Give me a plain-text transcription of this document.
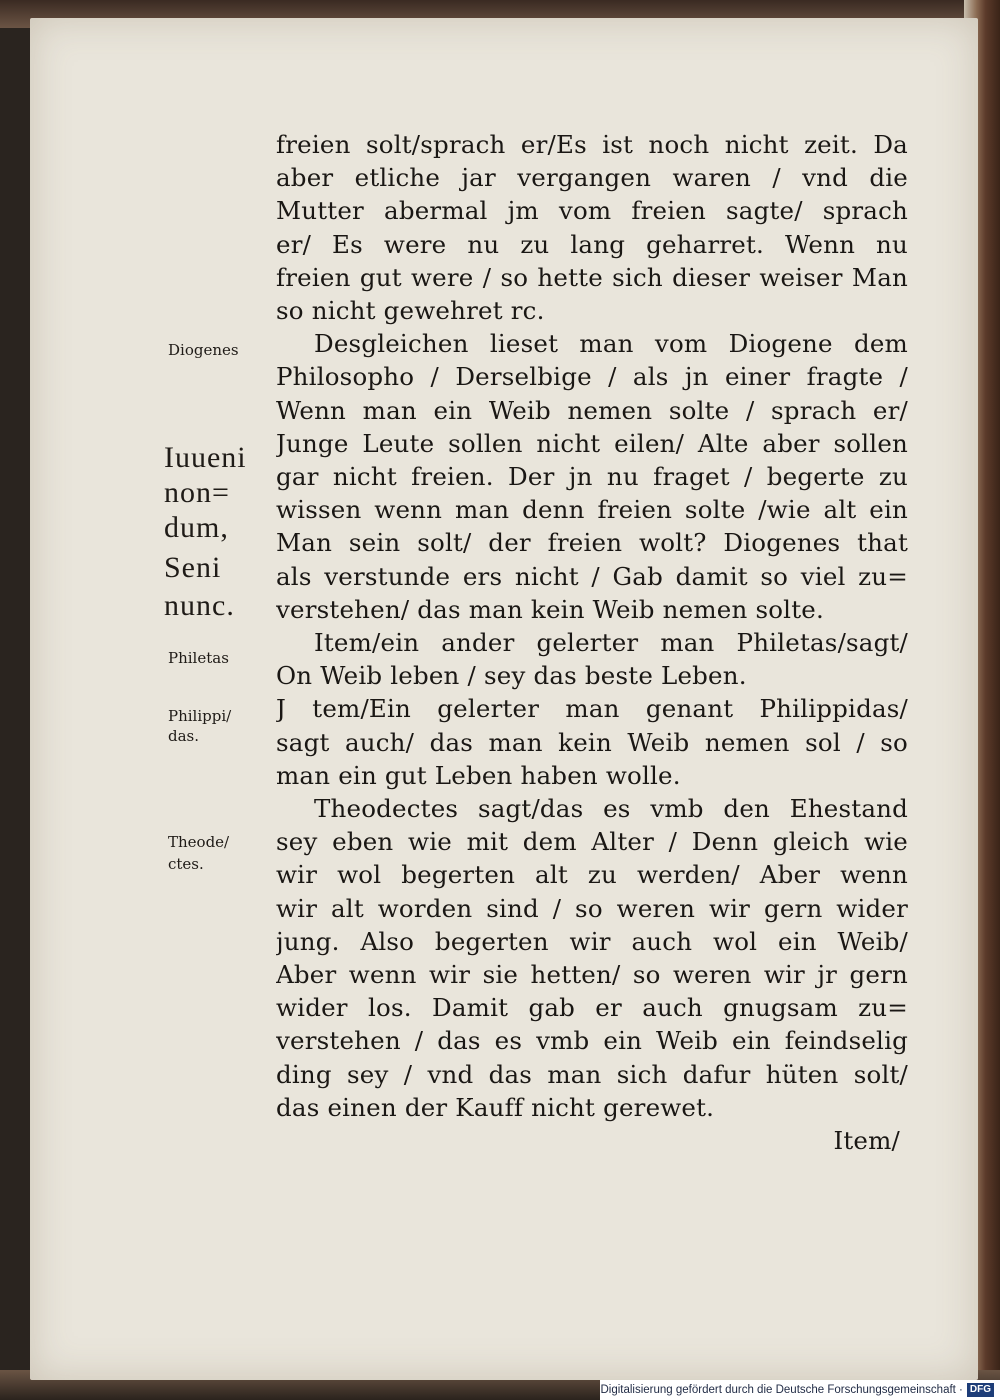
freien solt/sprach er/Es ist noch nicht zeit. Da
aber etliche jar vergangen waren / vnd die
Mutter abermal jm vom freien sagte/ sprach
er/ Es were nu zu lang geharret. Wenn nu
freien gut were / so hette sich dieser weiser Man
so nicht gewehret rc.
Desgleichen lieset man vom Diogene dem
Philosopho / Derselbige / als jn einer fragte /
Wenn man ein Weib nemen solte / sprach er/
Junge Leute sollen nicht eilen/ Alte aber sollen
gar nicht freien. Der jn nu fraget / begerte zu
wissen wenn man denn freien solte /wie alt ein
Man sein solt/ der freien wolt? Diogenes that
als verstunde ers nicht / Gab damit so viel zu=
verstehen/ das man kein Weib nemen solte.
Item/ein ander gelerter man Philetas/sagt/
On Weib leben / sey das beste Leben.
J tem/Ein gelerter man genant Philippidas/
sagt auch/ das man kein Weib nemen sol / so
man ein gut Leben haben wolle.
Theodectes sagt/das es vmb den Ehestand
sey eben wie mit dem Alter / Denn gleich wie
wir wol begerten alt zu werden/ Aber wenn
wir alt worden sind / so weren wir gern wider
jung. Also begerten wir auch wol ein Weib/
Aber wenn wir sie hetten/ so weren wir jr gern
wider los. Damit gab er auch gnugsam zu=
verstehen / das es vmb ein Weib ein feindselig
ding sey / vnd das man sich dafur hüten solt/
das einen der Kauff nicht gerewet.
Item/
Diogenes
Iuueni
non=
dum,
Seni
nunc.
Philetas
Philippi/
das.
Theode/
ctes.
Digitalisierung gefördert durch die Deutsche Forschungsgemeinschaft · DFG
